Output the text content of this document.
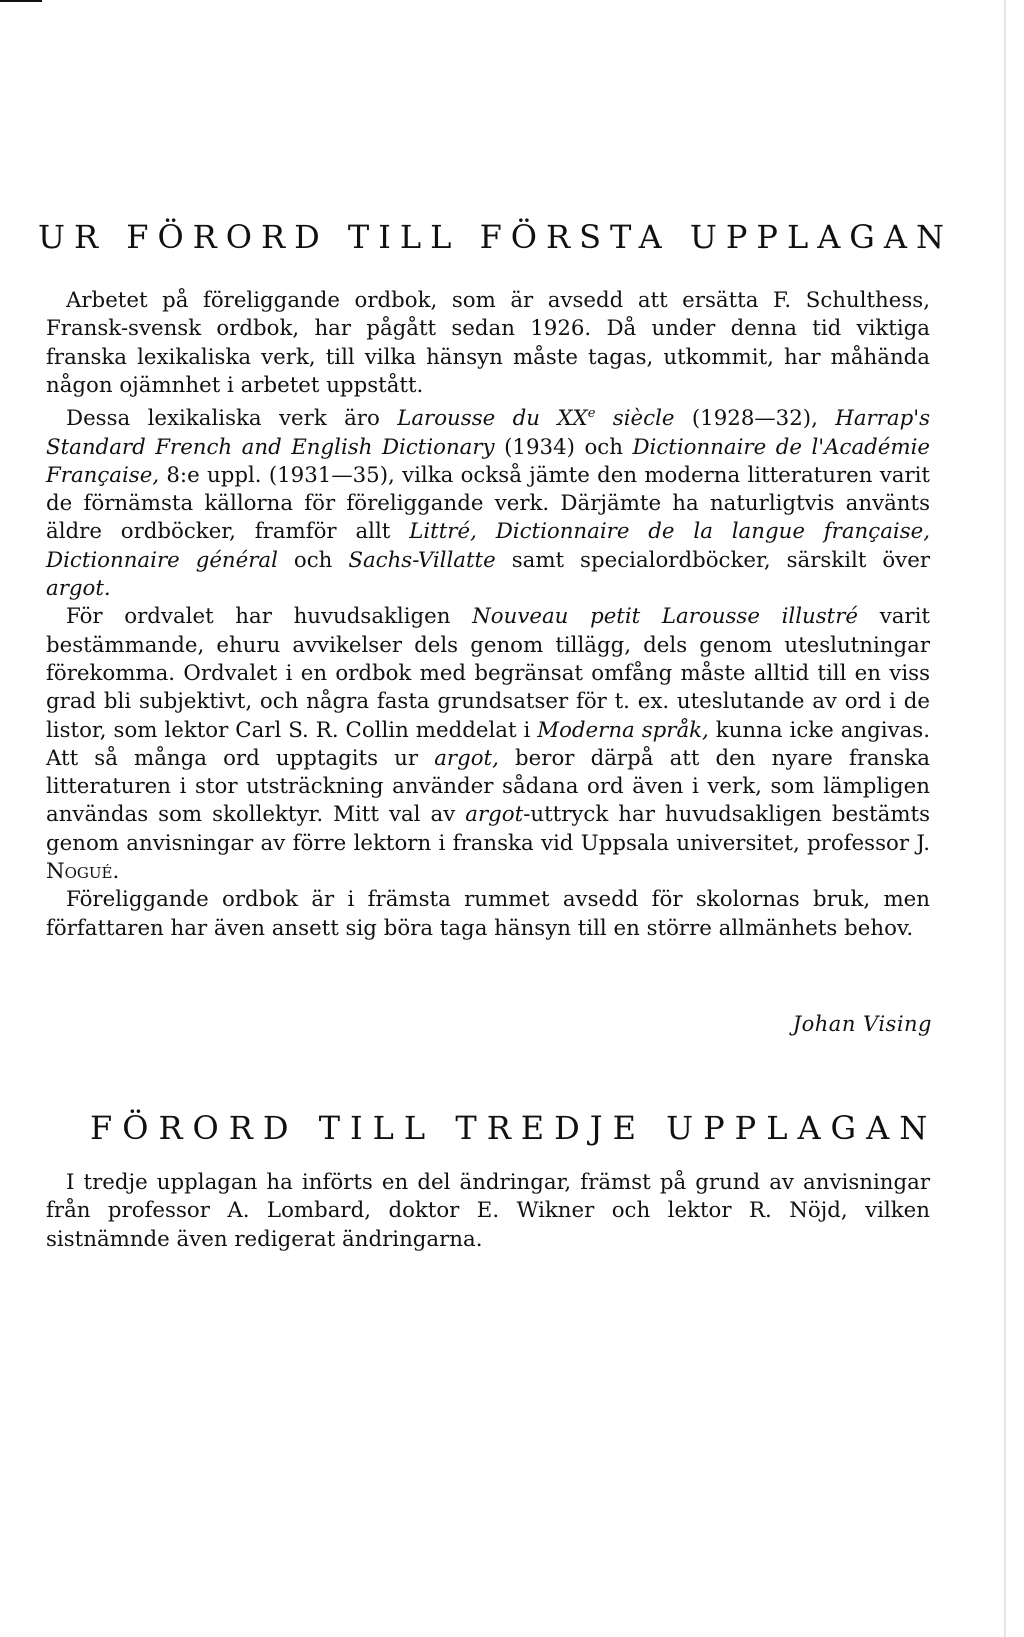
UR FÖRORD TILL FÖRSTA UPPLAGAN

Arbetet på föreliggande ordbok, som är avsedd att ersätta F. Schulthess, Fransk-svensk ordbok, har pågått sedan 1926. Då under denna tid viktiga franska lexikaliska verk, till vilka hänsyn måste tagas, utkommit, har måhända någon ojämnhet i arbetet uppstått.

Dessa lexikaliska verk äro Larousse du XXe siècle (1928—32), Harrap's Standard French and English Dictionary (1934) och Dictionnaire de l'Académie Française, 8:e uppl. (1931—35), vilka också jämte den moderna litteraturen varit de förnämsta källorna för föreliggande verk. Därjämte ha naturligtvis använts äldre ordböcker, framför allt Littré, Dictionnaire de la langue française, Dictionnaire général och Sachs-Villatte samt specialordböcker, särskilt över argot.

För ordvalet har huvudsakligen Nouveau petit Larousse illustré varit bestämmande, ehuru avvikelser dels genom tillägg, dels genom uteslutningar förekomma. Ordvalet i en ordbok med begränsat omfång måste alltid till en viss grad bli subjektivt, och några fasta grundsatser för t. ex. uteslutande av ord i de listor, som lektor Carl S. R. Collin meddelat i Moderna språk, kunna icke angivas. Att så många ord upptagits ur argot, beror därpå att den nyare franska litteraturen i stor utsträckning använder sådana ord även i verk, som lämpligen användas som skollektyr. Mitt val av argot-uttryck har huvudsakligen bestämts genom anvisningar av förre lektorn i franska vid Uppsala universitet, professor J. Nogué.

Föreliggande ordbok är i främsta rummet avsedd för skolornas bruk, men författaren har även ansett sig böra taga hänsyn till en större allmänhets behov.

Johan Vising
FÖRORD TILL TREDJE UPPLAGAN

I tredje upplagan ha införts en del ändringar, främst på grund av anvisningar från professor A. Lombard, doktor E. Wikner och lektor R. Nöjd, vilken sistnämnde även redigerat ändringarna.
